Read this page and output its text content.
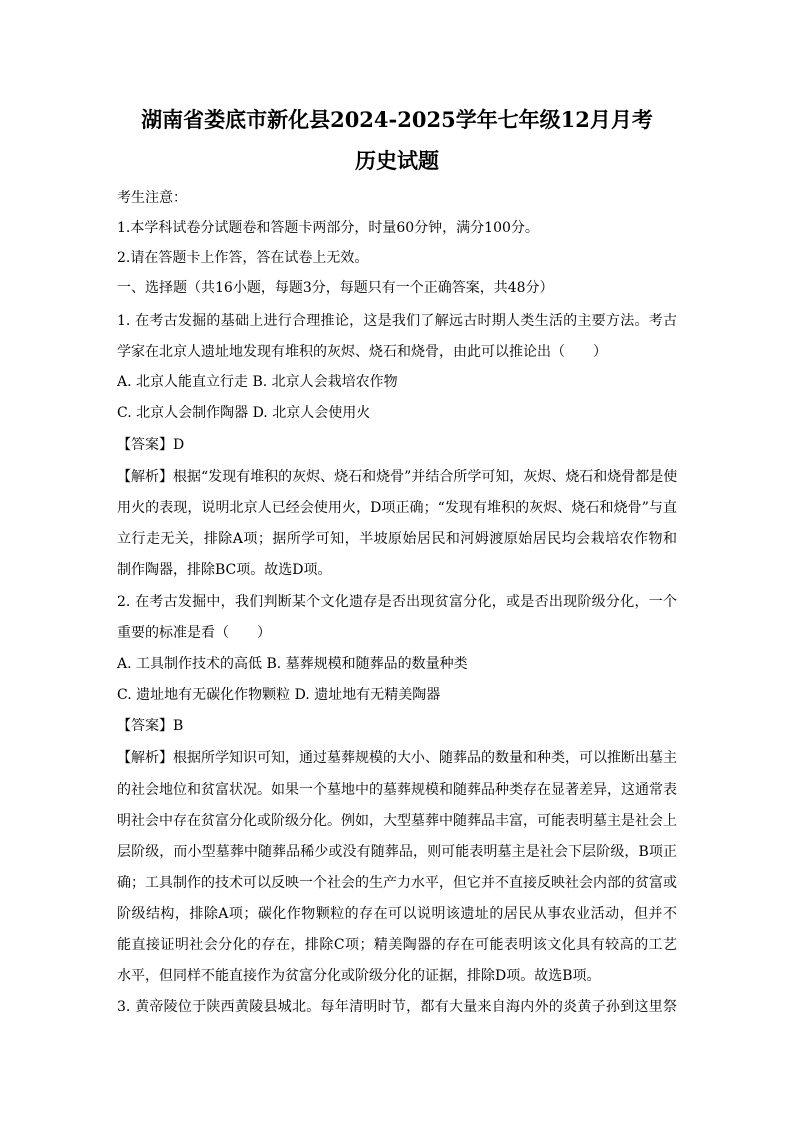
湖南省娄底市新化县2024-2025学年七年级12月月考
历史试题
考生注意：
1.本学科试卷分试题卷和答题卡两部分，时量60分钟，满分100分。
2.请在答题卡上作答，答在试卷上无效。
一、选择题（共16小题，每题3分，每题只有一个正确答案，共48分）
1. 在考古发掘的基础上进行合理推论，这是我们了解远古时期人类生活的主要方法。考古
学家在北京人遗址地发现有堆积的灰烬、烧石和烧骨，由此可以推论出（　　）
A. 北京人能直立行走 B. 北京人会栽培农作物
C. 北京人会制作陶器 D. 北京人会使用火
【答案】D
【解析】根据“发现有堆积的灰烬、烧石和烧骨”并结合所学可知，灰烬、烧石和烧骨都是使
用火的表现，说明北京人已经会使用火，D项正确；“发现有堆积的灰烬、烧石和烧骨”与直
立行走无关，排除A项；据所学可知，半坡原始居民和河姆渡原始居民均会栽培农作物和
制作陶器，排除BC项。故选D项。
2. 在考古发掘中，我们判断某个文化遗存是否出现贫富分化，或是否出现阶级分化，一个
重要的标准是看（　　）
A. 工具制作技术的高低 B. 墓葬规模和随葬品的数量种类
C. 遗址地有无碳化作物颗粒 D. 遗址地有无精美陶器
【答案】B
【解析】根据所学知识可知，通过墓葬规模的大小、随葬品的数量和种类，可以推断出墓主
的社会地位和贫富状况。如果一个墓地中的墓葬规模和随葬品种类存在显著差异，这通常表
明社会中存在贫富分化或阶级分化。例如，大型墓葬中随葬品丰富，可能表明墓主是社会上
层阶级，而小型墓葬中随葬品稀少或没有随葬品，则可能表明墓主是社会下层阶级，B项正
确；工具制作的技术可以反映一个社会的生产力水平，但它并不直接反映社会内部的贫富或
阶级结构，排除A项；碳化作物颗粒的存在可以说明该遗址的居民从事农业活动，但并不
能直接证明社会分化的存在，排除C项；精美陶器的存在可能表明该文化具有较高的工艺
水平，但同样不能直接作为贫富分化或阶级分化的证据，排除D项。故选B项。
3. 黄帝陵位于陕西黄陵县城北。每年清明时节，都有大量来自海内外的炎黄子孙到这里祭
